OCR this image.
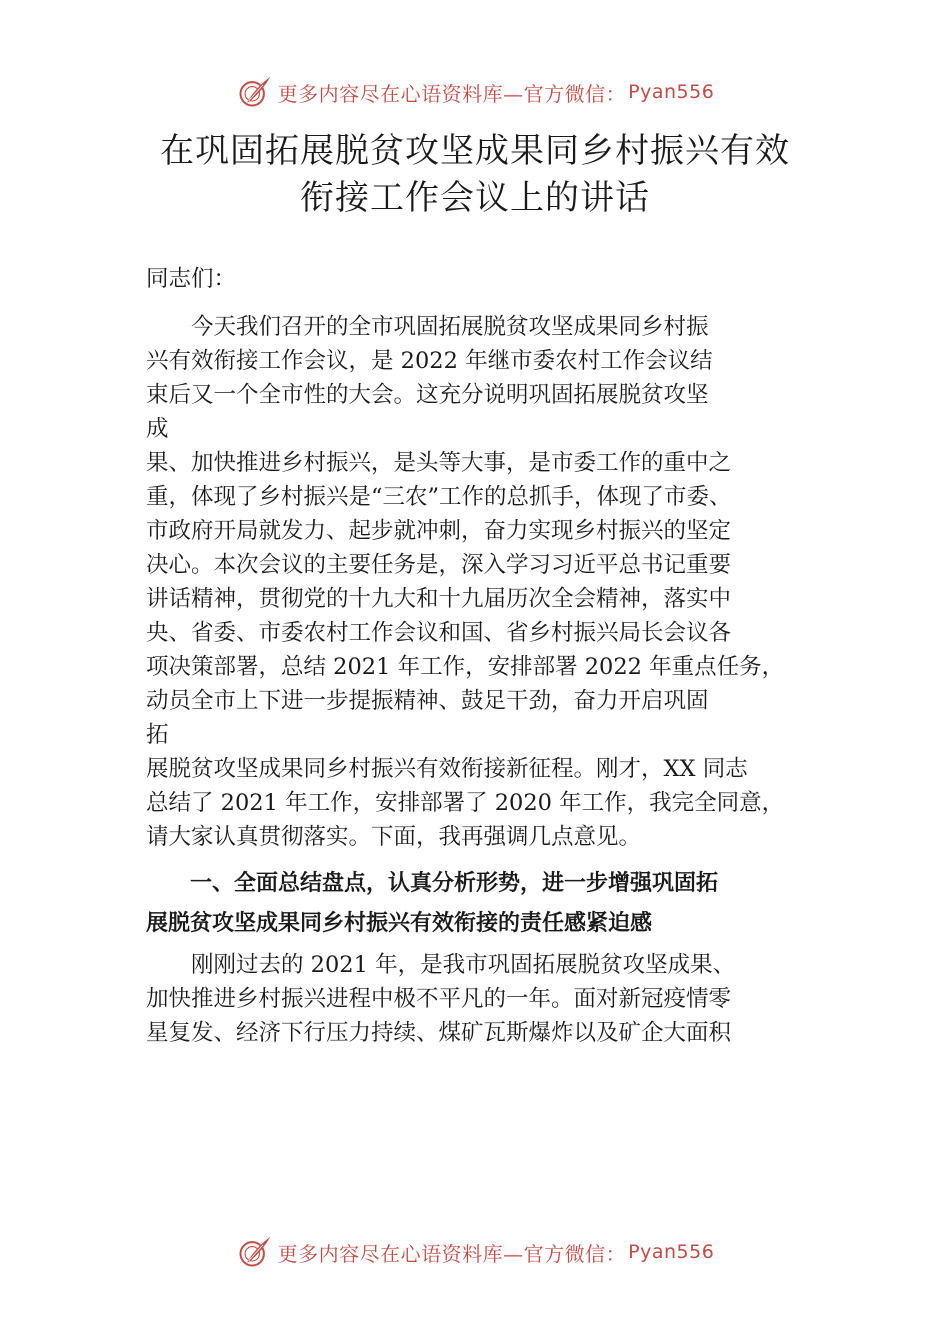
更多内容尽在心语资料库—官方微信： Pyan556
在巩固拓展脱贫攻坚成果同乡村振兴有效
衔接工作会议上的讲话
同志们：
　　今天我们召开的全市巩固拓展脱贫攻坚成果同乡村振
兴有效衔接工作会议，是 2022 年继市委农村工作会议结
束后又一个全市性的大会。这充分说明巩固拓展脱贫攻坚
成
果、加快推进乡村振兴，是头等大事，是市委工作的重中之
重，体现了乡村振兴是“三农”工作的总抓手，体现了市委、
市政府开局就发力、起步就冲刺，奋力实现乡村振兴的坚定
决心。本次会议的主要任务是，深入学习习近平总书记重要
讲话精神，贯彻党的十九大和十九届历次全会精神，落实中
央、省委、市委农村工作会议和国、省乡村振兴局长会议各
项决策部署，总结 2021 年工作，安排部署 2022 年重点任务，
动员全市上下进一步提振精神、鼓足干劲，奋力开启巩固
拓
展脱贫攻坚成果同乡村振兴有效衔接新征程。刚才，XX 同志
总结了 2021 年工作，安排部署了 2020 年工作，我完全同意，
请大家认真贯彻落实。下面，我再强调几点意见。
　　一、全面总结盘点，认真分析形势，进一步增强巩固拓
展脱贫攻坚成果同乡村振兴有效衔接的责任感紧迫感
　　刚刚过去的 2021 年，是我市巩固拓展脱贫攻坚成果、
加快推进乡村振兴进程中极不平凡的一年。面对新冠疫情零
星复发、经济下行压力持续、煤矿瓦斯爆炸以及矿企大面积
更多内容尽在心语资料库—官方微信： Pyan556
